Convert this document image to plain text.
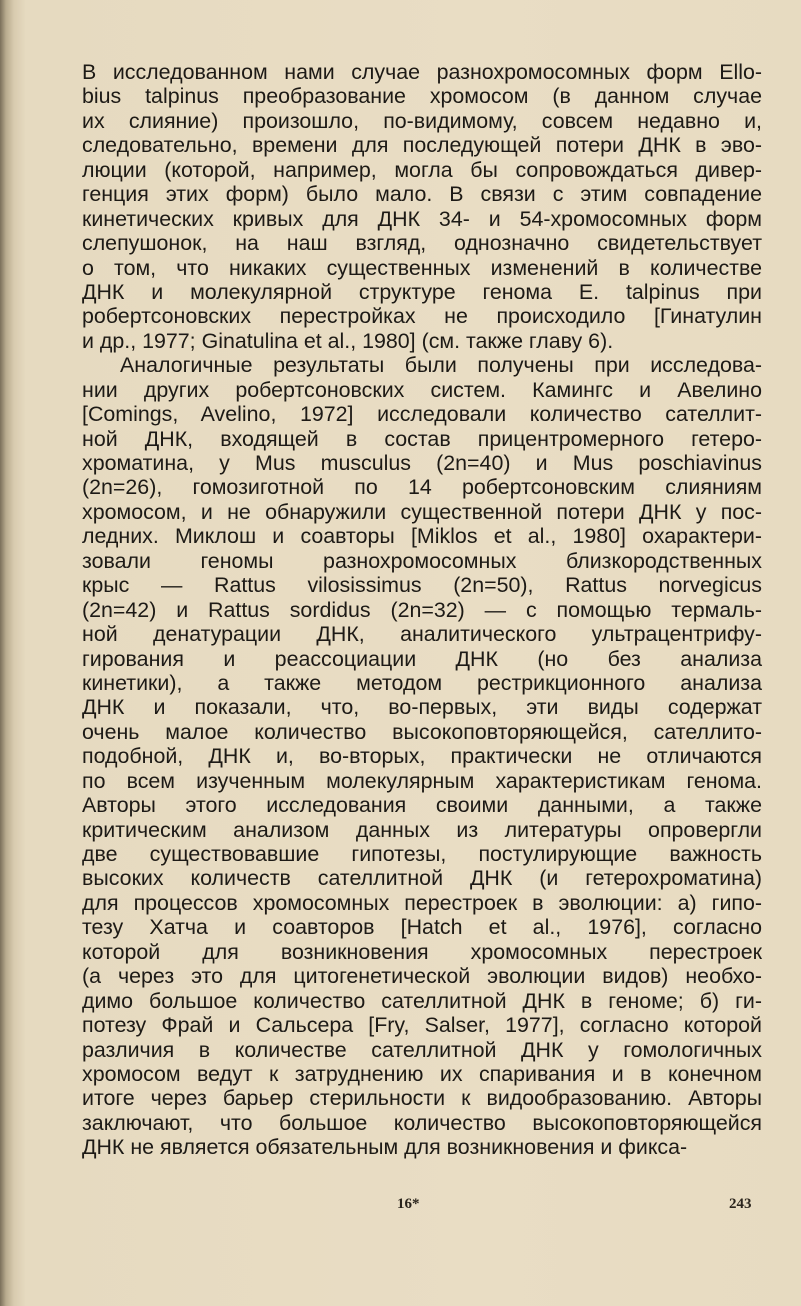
В исследованном нами случае разнохромосомных форм Ello-
bius talpinus преобразование хромосом (в данном случае
их слияние) произошло, по-видимому, совсем недавно и,
следовательно, времени для последующей потери ДНК в эво-
люции (которой, например, могла бы сопровождаться дивер-
генция этих форм) было мало. В связи с этим совпадение
кинетических кривых для ДНК 34- и 54-хромосомных форм
слепушонок, на наш взгляд, однозначно свидетельствует
о том, что никаких существенных изменений в количестве
ДНК и молекулярной структуре генома E. talpinus при
робертсоновских перестройках не происходило [Гинатулин
и др., 1977; Ginatulina et al., 1980] (см. также главу 6).
Аналогичные результаты были получены при исследова-
нии других робертсоновских систем. Камингс и Авелино
[Comings, Avelino, 1972] исследовали количество сателлит-
ной ДНК, входящей в состав прицентромерного гетеро-
хроматина, у Mus musculus (2n=40) и Mus poschiavinus
(2n=26), гомозиготной по 14 робертсоновским слияниям
хромосом, и не обнаружили существенной потери ДНК у пос-
ледних. Миклош и соавторы [Miklos et al., 1980] охарактери-
зовали геномы разнохромосомных близкородственных
крыс — Rattus vilosissimus (2n=50), Rattus norvegicus
(2n=42) и Rattus sordidus (2n=32) — с помощью термаль-
ной денатурации ДНК, аналитического ультрацентрифу-
гирования и реассоциации ДНК (но без анализа
кинетики), а также методом рестрикционного анализа
ДНК и показали, что, во-первых, эти виды содержат
очень малое количество высокоповторяющейся, сателлито-
подобной, ДНК и, во-вторых, практически не отличаются
по всем изученным молекулярным характеристикам генома.
Авторы этого исследования своими данными, а также
критическим анализом данных из литературы опровергли
две существовавшие гипотезы, постулирующие важность
высоких количеств сателлитной ДНК (и гетерохроматина)
для процессов хромосомных перестроек в эволюции: а) гипо-
тезу Хатча и соавторов [Hatch et al., 1976], согласно
которой для возникновения хромосомных перестроек
(а через это для цитогенетической эволюции видов) необхо-
димо большое количество сателлитной ДНК в геноме; б) ги-
потезу Фрай и Сальсера [Fry, Salser, 1977], согласно которой
различия в количестве сателлитной ДНК у гомологичных
хромосом ведут к затруднению их спаривания и в конечном
итоге через барьер стерильности к видообразованию. Авторы
заключают, что большое количество высокоповторяющейся
ДНК не является обязательным для возникновения и фикса-
16*	243
